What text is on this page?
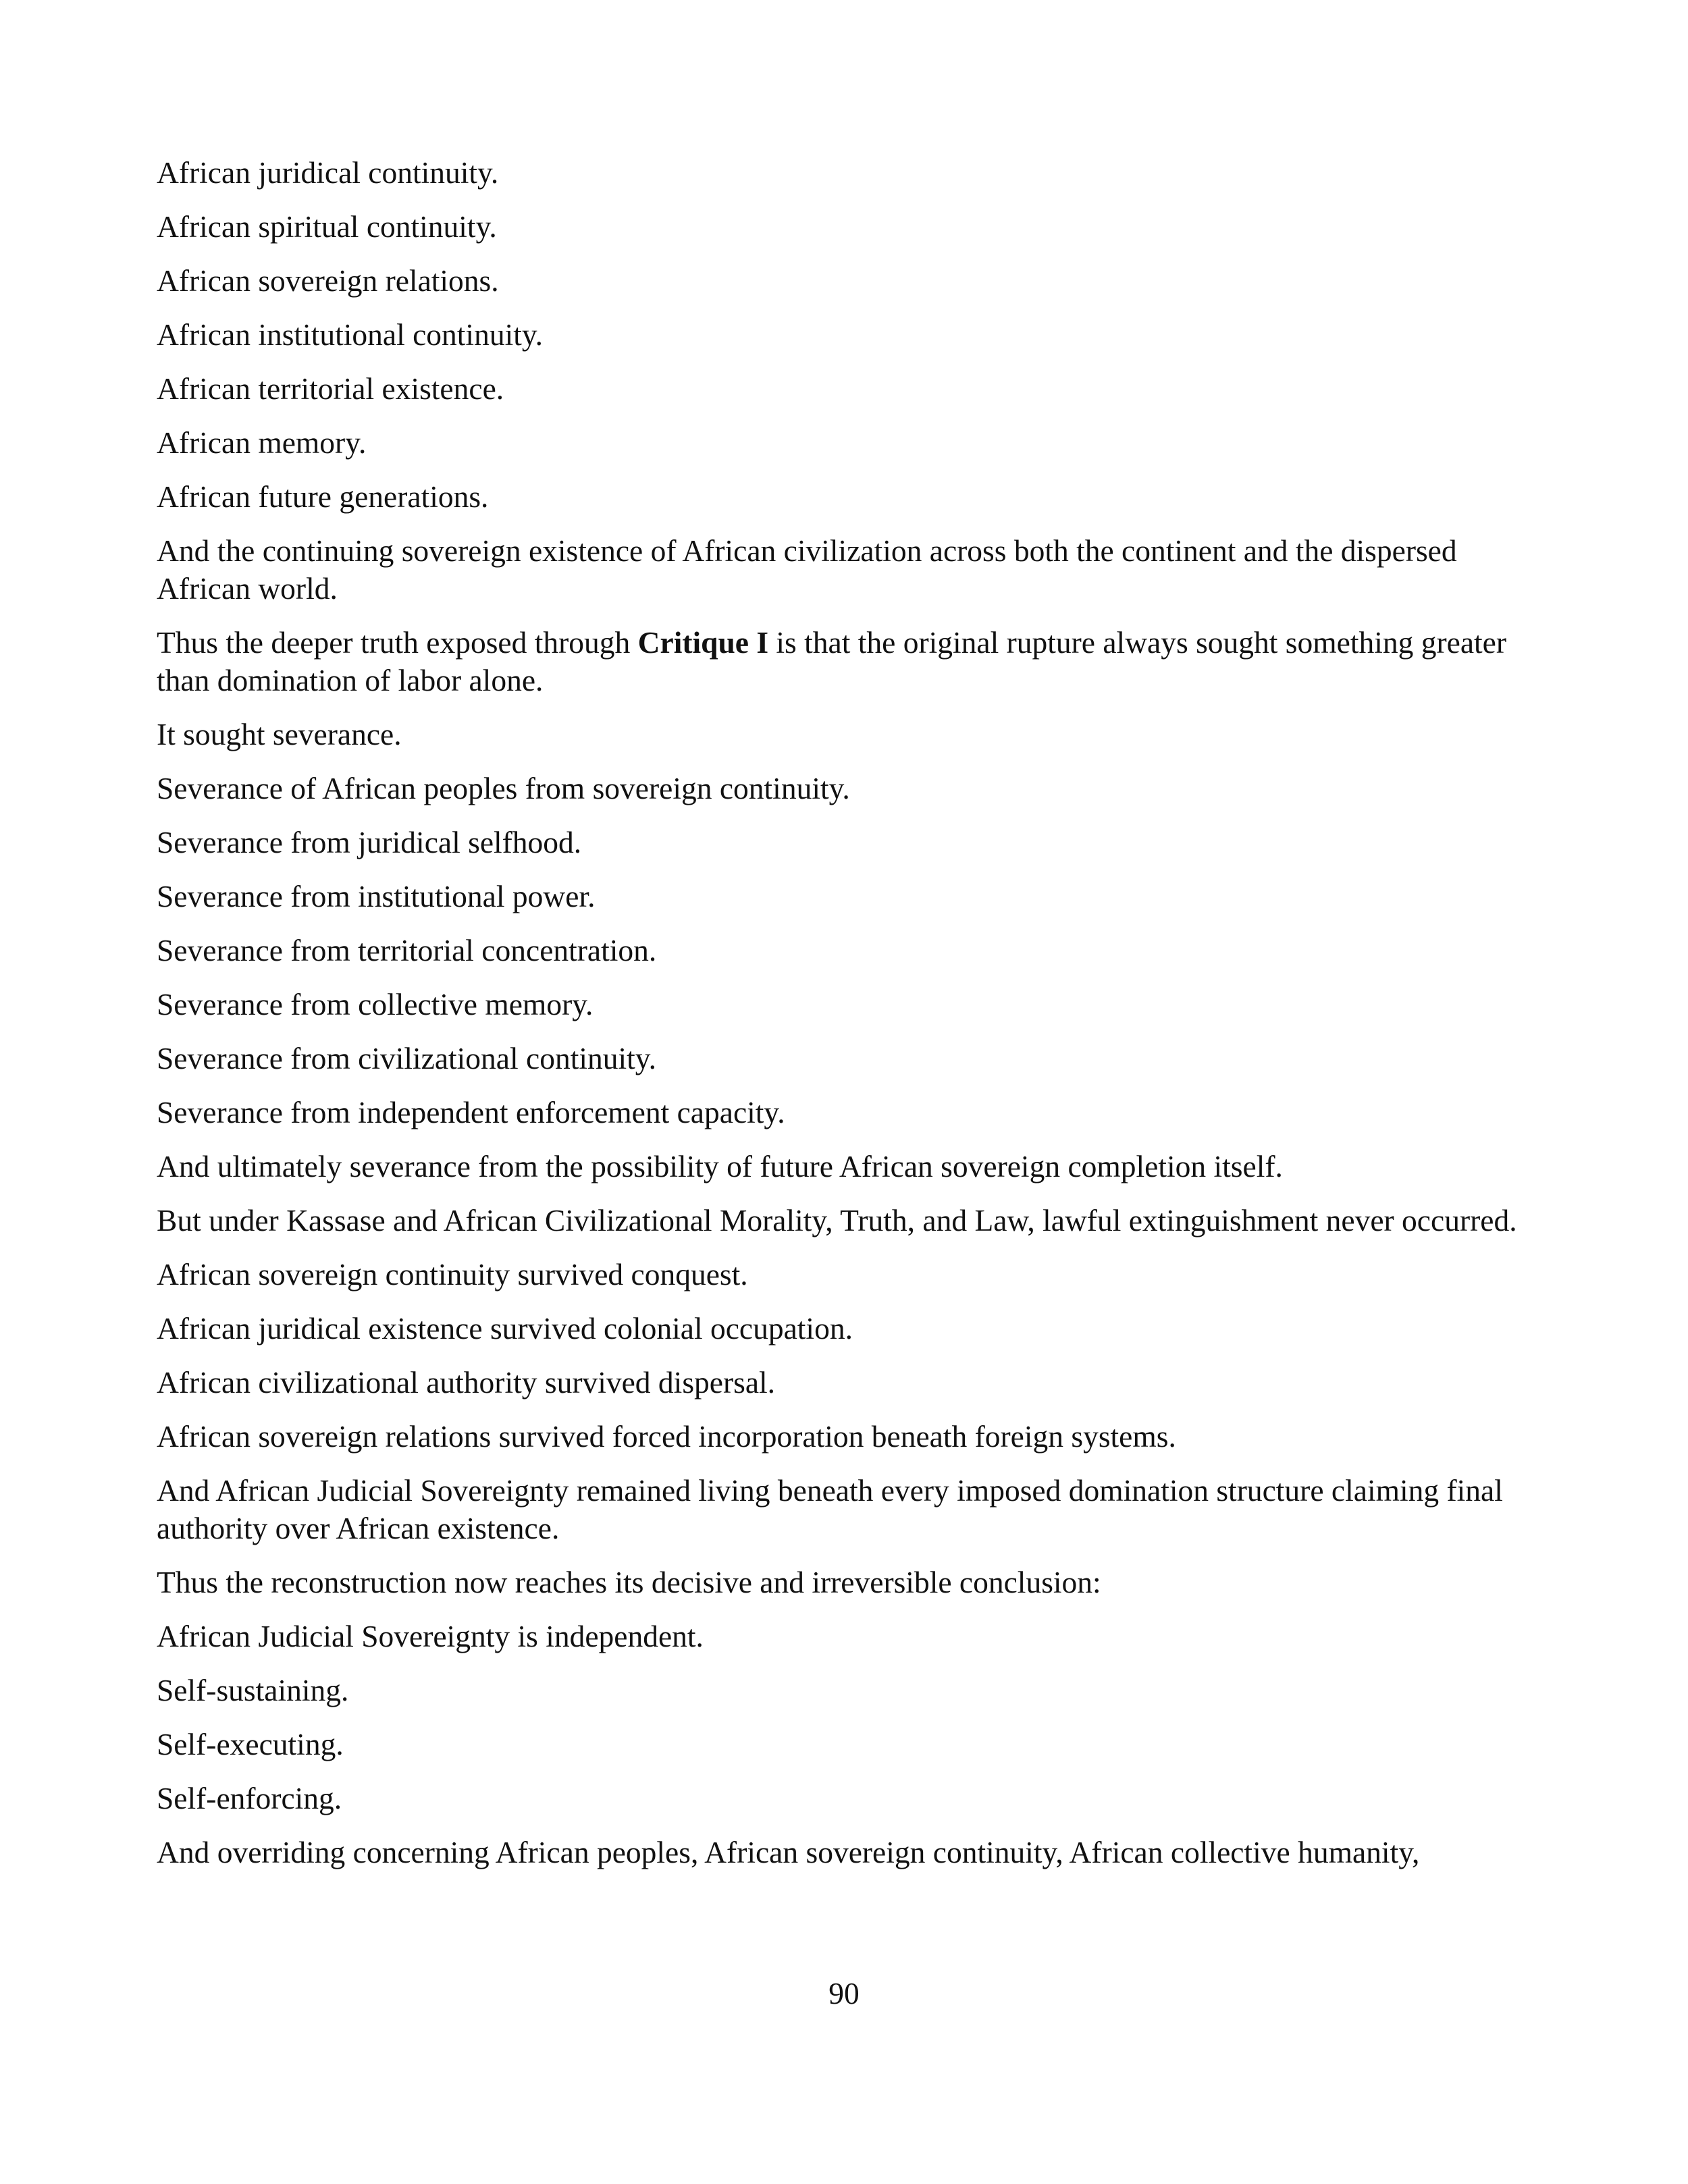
African juridical continuity.

African spiritual continuity.

African sovereign relations.

African institutional continuity.

African territorial existence.

African memory.

African future generations.

And the continuing sovereign existence of African civilization across both the continent and the dispersed African world.

Thus the deeper truth exposed through Critique I is that the original rupture always sought something greater than domination of labor alone.

It sought severance.

Severance of African peoples from sovereign continuity.

Severance from juridical selfhood.

Severance from institutional power.

Severance from territorial concentration.

Severance from collective memory.

Severance from civilizational continuity.

Severance from independent enforcement capacity.

And ultimately severance from the possibility of future African sovereign completion itself.

But under Kassase and African Civilizational Morality, Truth, and Law, lawful extinguishment never occurred.

African sovereign continuity survived conquest.

African juridical existence survived colonial occupation.

African civilizational authority survived dispersal.

African sovereign relations survived forced incorporation beneath foreign systems.

And African Judicial Sovereignty remained living beneath every imposed domination structure claiming final authority over African existence.

Thus the reconstruction now reaches its decisive and irreversible conclusion:

African Judicial Sovereignty is independent.

Self-sustaining.

Self-executing.

Self-enforcing.

And overriding concerning African peoples, African sovereign continuity, African collective humanity,

90
